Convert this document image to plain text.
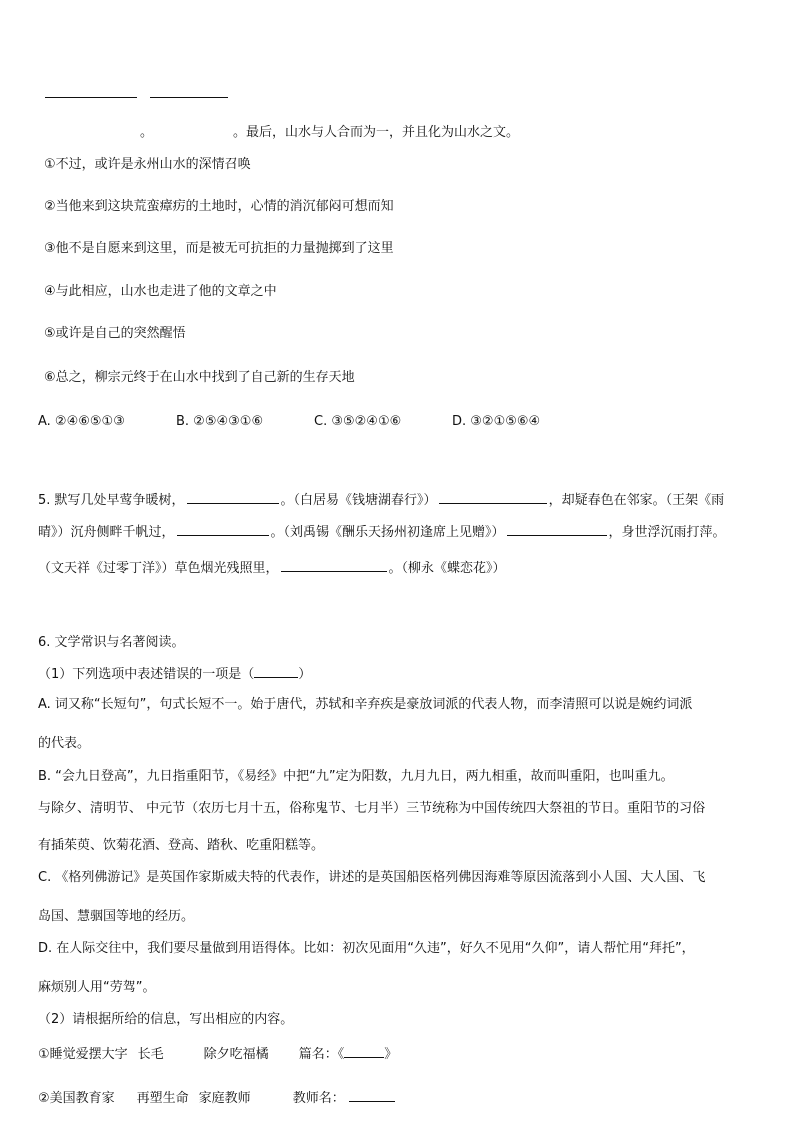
。	。最后，山水与人合而为一，并且化为山水之文。
①不过，或许是永州山水的深情召唤
②当他来到这块荒蛮瘴疠的土地时，心情的消沉郁闷可想而知
③他不是自愿来到这里，而是被无可抗拒的力量抛掷到了这里
④与此相应，山水也走进了他的文章之中
⑤或许是自己的突然醒悟
⑥总之，柳宗元终于在山水中找到了自己新的生存天地
A. ②④⑥⑤①③	B. ②⑤④③①⑥	C. ③⑤②④①⑥	D. ③②①⑤⑥④
5. 默写几处早莺争暖树，	。（白居易《钱塘湖春行》）	，却疑春色在邻家。（王架《雨
晴》）沉舟侧畔千帆过，	。（刘禹锡《酬乐天扬州初逢席上见赠》）	，身世浮沉雨打萍。
（文天祥《过零丁洋》）草色烟光残照里，	。（柳永《蝶恋花》）
6. 文学常识与名著阅读。
（1）下列选项中表述错误的一项是（	）
A. 词又称“长短句”，句式长短不一。始于唐代，苏轼和辛弃疾是豪放词派的代表人物，而李清照可以说是婉约词派
的代表。
B. “会九日登高”，九日指重阳节，《易经》中把“九”定为阳数，九月九日，两九相重，故而叫重阳，也叫重九。
与除夕、清明节、 中元节（农历七月十五，俗称鬼节、七月半）三节统称为中国传统四大祭祖的节日。重阳节的习俗
有插茱萸、饮菊花酒、登高、踏秋、吃重阳糕等。
C. 《格列佛游记》是英国作家斯威夫特的代表作，讲述的是英国船医格列佛因海难等原因流落到小人国、大人国、飞
岛国、慧骃国等地的经历。
D. 在人际交往中，我们要尽量做到用语得体。比如：初次见面用“久违”，好久不见用“久仰”，请人帮忙用“拜托”，
麻烦别人用“劳驾”。
（2）请根据所给的信息，写出相应的内容。
①睡觉爱摆大字 长毛	除夕吃福橘 篇名：《	》
②美国教育家 再塑生命 家庭教师	教师名：
